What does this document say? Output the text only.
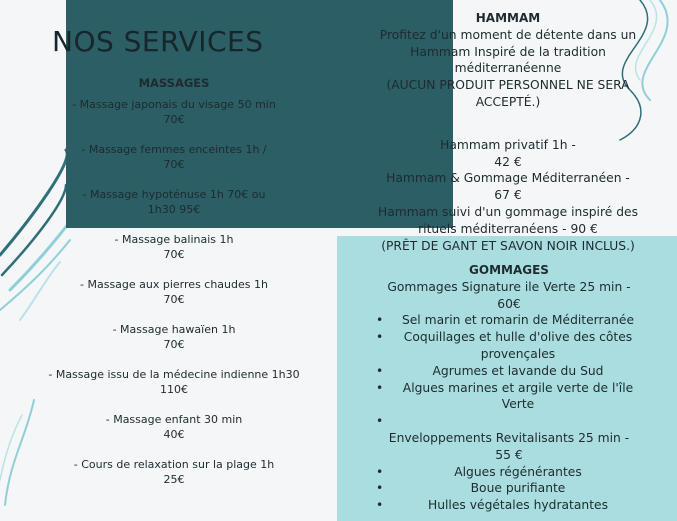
NOS SERVICES
MASSAGES
- Massage japonais du visage 50 min
70€
- Massage femmes enceintes 1h /
70€
- Massage hypoténuse 1h 70€ ou
1h30 95€
- Massage balinais 1h
70€
- Massage aux pierres chaudes 1h
70€
- Massage hawaïen 1h
70€
- Massage issu de la médecine indienne 1h30
110€
- Massage enfant 30 min
40€
- Cours de relaxation sur la plage 1h
25€
HAMMAM
Profitez d'un moment de détente dans un
Hammam Inspiré de la tradition
méditerranéenne
(AUCUN PRODUIT PERSONNEL NE SERA
ACCEPTÉ.)
Hammam privatif 1h -
42 €
Hammam & Gommage Méditerranéen -
67 €
Hammam suivi d'un gommage inspiré des
rituels méditerranéens - 90 €
(PRÊT DE GANT ET SAVON NOIR INCLUS.)
GOMMAGES
Gommages Signature ile Verte 25 min -
60€
• Sel marin et romarin de Méditerranée
• Coquillages et hulle d'olive des côtes provençales
•	Agrumes et lavande du Sud
• Algues marines et argile verte de l'île Verte
•

Enveloppements Revitalisants 25 min -
55 €
•	Algues régénérantes
•	Boue purifiante
•	Hulles végétales hydratantes
